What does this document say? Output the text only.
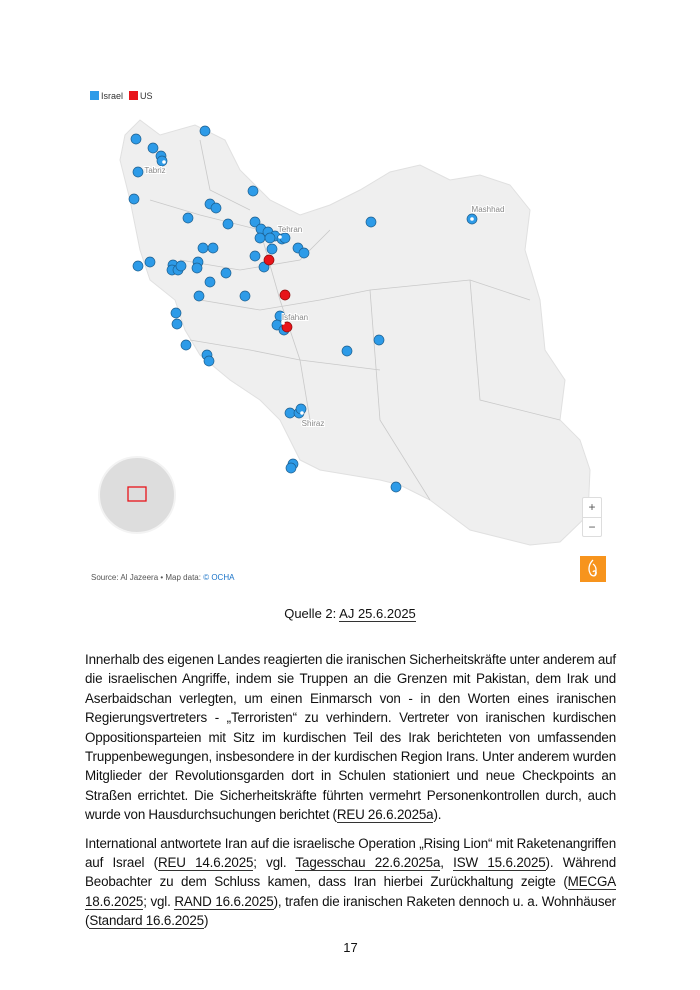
Tabriz
Tehran
Mashhad
Isfahan
Shiraz
Israel	US
+
−
Source: Al Jazeera • Map data: © OCHA
Quelle 2: AJ 25.6.2025

Innerhalb des eigenen Landes reagierten die iranischen Sicherheitskräfte unter anderem auf die israelischen Angriffe, indem sie Truppen an die Grenzen mit Pakistan, dem Irak und Aserbaidschan verlegten, um einen Einmarsch von - in den Worten eines iranischen Regierungsvertreters - „Terroristen“ zu verhindern. Vertreter von iranischen kurdischen Oppositionsparteien mit Sitz im kurdischen Teil des Irak berichteten von umfassenden Truppenbewegungen, insbesondere in der kurdischen Region Irans. Unter anderem wurden Mitglieder der Revolutionsgarden dort in Schulen stationiert und neue Checkpoints an Straßen errichtet. Die Sicherheitskräfte führten vermehrt Personenkontrollen durch, auch wurde von Hausdurchsuchungen berichtet (REU 26.6.2025a).

International antwortete Iran auf die israelische Operation „Rising Lion“ mit Raketenangriffen auf Israel (REU 14.6.2025; vgl. Tagesschau 22.6.2025a, ISW 15.6.2025). Während Beobachter zu dem Schluss kamen, dass Iran hierbei Zurückhaltung zeigte (MECGA 18.6.2025; vgl. RAND 16.6.2025), trafen die iranischen Raketen dennoch u. a. Wohnhäuser (Standard 16.6.2025)

17
